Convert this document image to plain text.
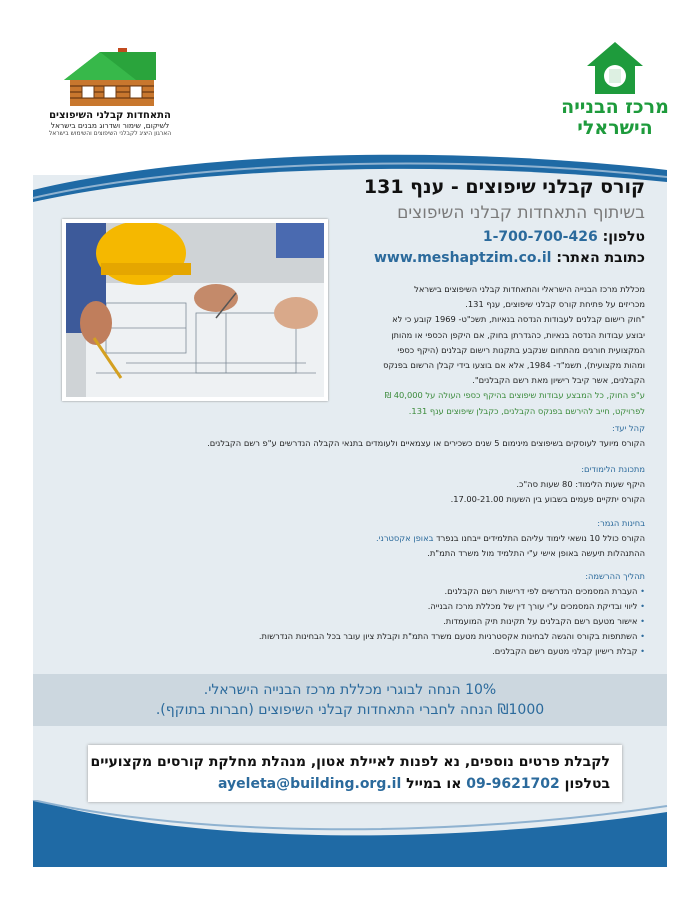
מרכז הבנייה
הישראלי
התאחדות קבלני השיפוצים
לשיקום, שימור ושדרוג מבנים בישראל
הארגון היציג לקבלני השיפוצים והשימוש בישראל
קורס קבלני שיפוצים - ענף 131
בשיתוף התאחדות קבלני השיפוצים
טלפון: 1-700-700-426
כתובת האתר: www.meshaptzim.co.il
מכללת מרכז הבנייה הישראלי והתאחדות קבלני השיפוצים בישראל
מכריזים על פתיחת קורס קבלני שיפוצים, ענף 131.
"חוק רישום קבלנים לעבודות הנדסה בנאיות, תשכ"ט- 1969 קובע כי לא
יבוצע עבודות הנדסה בנאיות, כהגדרתן בחוק, אם היקפן הכספי או מהותן
המקצועית חורגים מהתחום שנקבע בתקנות רישום קבלנים (היקף כספי
ומהות מקצועית), תשמ"ד- 1984, אלא אם בוצעו בידי קבלן הרשום בפנקס
הקבלנים, אשר קיבל רישיון מאת רשם הקבלנים".
ע"פ החוק, כל המבצע עבודות שיפוצים בהיקף כספי העולה על 40,000 ₪
לפרויקט, חייב להירשם בפנקס הקבלנים, כקבלן שיפוצים ענף 131.
קהל יעד:
הקורס מיועד לעוסקים בשיפוצים מינימום 5 שנים כשכירים או עצמאיים ולעומדים בתנאי הקבלה הנדרשים ע"פ רשם הקבלנים.
מתכונת הלימודים:
היקף שעות הלימוד: 80 שעות סה"כ.
הקורס יתקיים פעמים בשבוע בין השעות 17.00-21.00.
בחינות הגמר:
הקורס כולל 10 נושאי לימוד עליהם התלמידים ייבחנו בנפרד באופן אקסטרני.
ההתנהלות תיעשה באופן אישי ע"י התלמיד מול משרד התמ"ת.
תהליך ההרשמה:
• העברת המסמכים הנדרשים לפי דרישות רשם הקבלנים.
• ליווי ובדיקת המסמכים ע"י עורך דין של מכללת מרכז הבנייה.
• אישור מטעם רשם הקבלנים על תקינות תיק המועמדות.
• השתתפות בקורס והגשה לבחינות אקסטרניות מטעם משרד התמ"ת וקבלת ציון עובר בכל הבחינות הנדרשות.
• קבלת רישיון קבלני מטעם רשם הקבלנים.
10% הנחה לבוגרי מכללת מרכז הבנייה הישראלי.
₪1000 הנחה לחברי התאחדות קבלני השיפוצים (חברות בתוקף).
לקבלת פרטים נוספים, נא לפנות לאיילת אטון, מנהלת מחלקת קורסים מקצועיים
בטלפון 09-9621702 או במייל ayeleta@building.org.il
